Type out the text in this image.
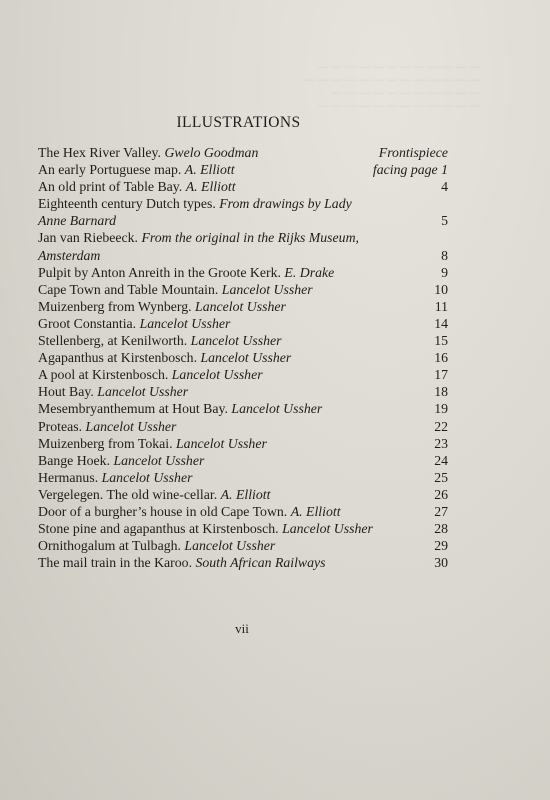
— — — — — — — — — — — —
— — — — — — — — — — — — —
— — — — — — — — — — —
— — — — — — — — — — — —
ILLUSTRATIONS
The Hex River Valley. Gwelo Goodman	Frontispiece
An early Portuguese map. A. Elliott	facing page 1
An old print of Table Bay. A. Elliott	4
Eighteenth century Dutch types. From drawings by Lady Anne Barnard	5
Jan van Riebeeck. From the original in the Rijks Museum, Amsterdam	8
Pulpit by Anton Anreith in the Groote Kerk. E. Drake	9
Cape Town and Table Mountain. Lancelot Ussher	10
Muizenberg from Wynberg. Lancelot Ussher	11
Groot Constantia. Lancelot Ussher	14
Stellenberg, at Kenilworth. Lancelot Ussher	15
Agapanthus at Kirstenbosch. Lancelot Ussher	16
A pool at Kirstenbosch. Lancelot Ussher	17
Hout Bay. Lancelot Ussher	18
Mesembryanthemum at Hout Bay. Lancelot Ussher	19
Proteas. Lancelot Ussher	22
Muizenberg from Tokai. Lancelot Ussher	23
Bange Hoek. Lancelot Ussher	24
Hermanus. Lancelot Ussher	25
Vergelegen. The old wine-cellar. A. Elliott	26
Door of a burgher’s house in old Cape Town. A. Elliott	27
Stone pine and agapanthus at Kirstenbosch. Lancelot Ussher	28
Ornithogalum at Tulbagh. Lancelot Ussher	29
The mail train in the Karoo. South African Railways	30
vii
